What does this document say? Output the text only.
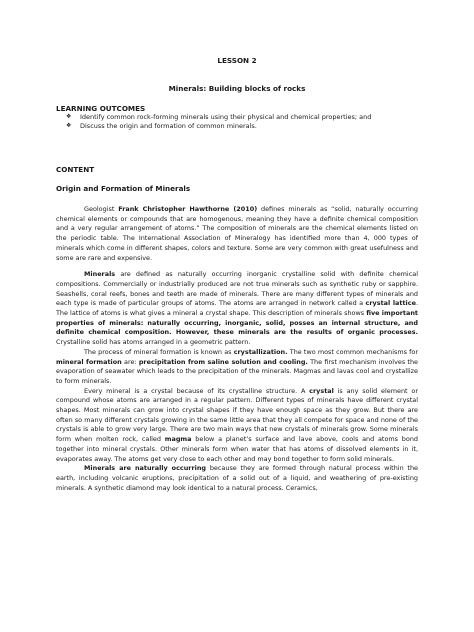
LESSON 2
Minerals: Building blocks of rocks
LEARNING OUTCOMES
❖	Identify common rock-forming minerals using their physical and chemical properties; and
❖	Discuss the origin and formation of common minerals.
CONTENT
Origin and Formation of Minerals

Geologist Frank Christopher Hawthorne (2010) defines minerals as “solid, naturally occurring chemical elements or compounds that are homogenous, meaning they have a definite chemical composition and a very regular arrangement of atoms.” The composition of minerals are the chemical elements listed on the periodic table. The International Association of Mineralogy has identified more than 4, 000 types of minerals which come in different shapes, colors and texture. Some are very common with great usefulness and some are rare and expensive.

Minerals are defined as naturally occurring inorganic crystalline solid with definite chemical compositions. Commercially or industrially produced are not true minerals such as synthetic ruby or sapphire. Seashells, coral reefs, bones and teeth are made of minerals. There are many different types of minerals and each type is made of particular groups of atoms. The atoms are arranged in network called a crystal lattice. The lattice of atoms is what gives a mineral a crystal shape. This description of minerals shows five important properties of minerals: naturally occurring, inorganic, solid, posses an internal structure, and definite chemical composition. However, these minerals are the results of organic processes. Crystalline solid has atoms arranged in a geometric pattern.

The process of mineral formation is known as crystallization. The two most common mechanisms for mineral formation are: precipitation from saline solution and cooling. The first mechanism involves the evaporation of seawater which leads to the precipitation of the minerals. Magmas and lavas cool and crystallize to form minerals.

Every mineral is a crystal because of its crystalline structure. A crystal is any solid element or compound whose atoms are arranged in a regular pattern. Different types of minerals have different crystal shapes. Most minerals can grow into crystal shapes if they have enough space as they grow. But there are often so many different crystals growing in the same little area that they all compete for space and none of the crystals is able to grow very large. There are two main ways that new crystals of minerals grow. Some minerals form when molten rock, called magma below a planet’s surface and lave above, cools and atoms bond together into mineral crystals. Other minerals form when water that has atoms of dissolved elements in it, evaporates away. The atoms get very close to each other and may bond together to form solid minerals.

Minerals are naturally occurring because they are formed through natural process within the earth, including volcanic eruptions, precipitation of a solid out of a liquid, and weathering of pre-existing minerals. A synthetic diamond may look identical to a natural process. Ceramics,
